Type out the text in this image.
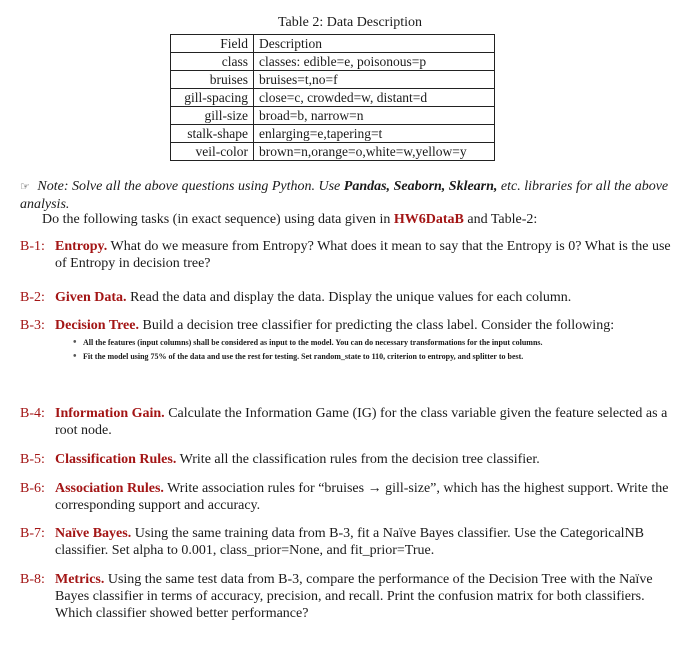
Table 2: Data Description
Field	Description
class	classes: edible=e, poisonous=p
bruises	bruises=t,no=f
gill-spacing	close=c, crowded=w, distant=d
gill-size	broad=b, narrow=n
stalk-shape	enlarging=e,tapering=t
veil-color	brown=n,orange=o,white=w,yellow=y
☞ Note: Solve all the above questions using Python. Use Pandas, Seaborn, Sklearn, etc. libraries for all the above analysis.
Do the following tasks (in exact sequence) using data given in HW6DataB and Table-2:
B-1: Entropy. What do we measure from Entropy? What does it mean to say that the Entropy is 0? What is the use of Entropy in decision tree?
B-2: Given Data. Read the data and display the data. Display the unique values for each column.
B-3: Decision Tree. Build a decision tree classifier for predicting the class label. Consider the following:
• All the features (input columns) shall be considered as input to the model. You can do necessary transformations for the input columns.
• Fit the model using 75% of the data and use the rest for testing. Set random_state to 110, criterion to entropy, and splitter to best.
B-4: Information Gain. Calculate the Information Game (IG) for the class variable given the feature selected as a root node.
B-5: Classification Rules. Write all the classification rules from the decision tree classifier.
B-6: Association Rules. Write association rules for “bruises → gill-size”, which has the highest support. Write the corresponding support and accuracy.
B-7: Naïve Bayes. Using the same training data from B-3, fit a Naïve Bayes classifier. Use the CategoricalNB classifier. Set alpha to 0.001, class_prior=None, and fit_prior=True.
B-8: Metrics. Using the same test data from B-3, compare the performance of the Decision Tree with the Naïve Bayes classifier in terms of accuracy, precision, and recall. Print the confusion matrix for both classifiers. Which classifier showed better performance?
